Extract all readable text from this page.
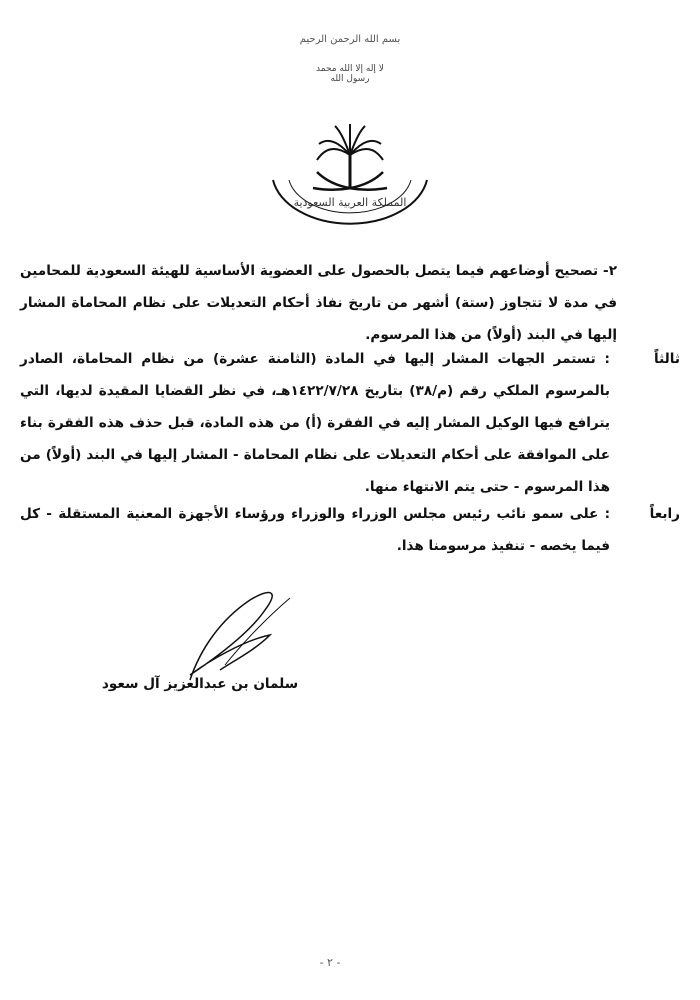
بسم الله الرحمن الرحيم
لا إله إلا الله محمد رسول الله
المملكة العربية السعودية
٢- تصحيح أوضاعهم فيما يتصل بالحصول على العضوية الأساسية للهيئة السعودية للمحامين في مدة لا تتجاوز (ستة) أشهر من تاريخ نفاذ أحكام التعديلات على نظام المحاماة المشار إليها في البند (أولاً) من هذا المرسوم.
ثالثاً
: تستمر الجهات المشار إليها في المادة (الثامنة عشرة) من نظام المحاماة، الصادر بالمرسوم الملكي رقم (م/٣٨) بتاريخ ١٤٢٢/٧/٢٨هـ، في نظر القضايا المقيدة لديها، التي يترافع فيها الوكيل المشار إليه في الفقرة (أ) من هذه المادة، قبل حذف هذه الفقرة بناء على الموافقة على أحكام التعديلات على نظام المحاماة - المشار إليها في البند (أولاً) من هذا المرسوم - حتى يتم الانتهاء منها.
رابعاً
: على سمو نائب رئيس مجلس الوزراء والوزراء ورؤساء الأجهزة المعنية المستقلة - كل فيما يخصه - تنفيذ مرسومنا هذا.
سلمان بن عبدالعزيز آل سعود
- ٢ -
